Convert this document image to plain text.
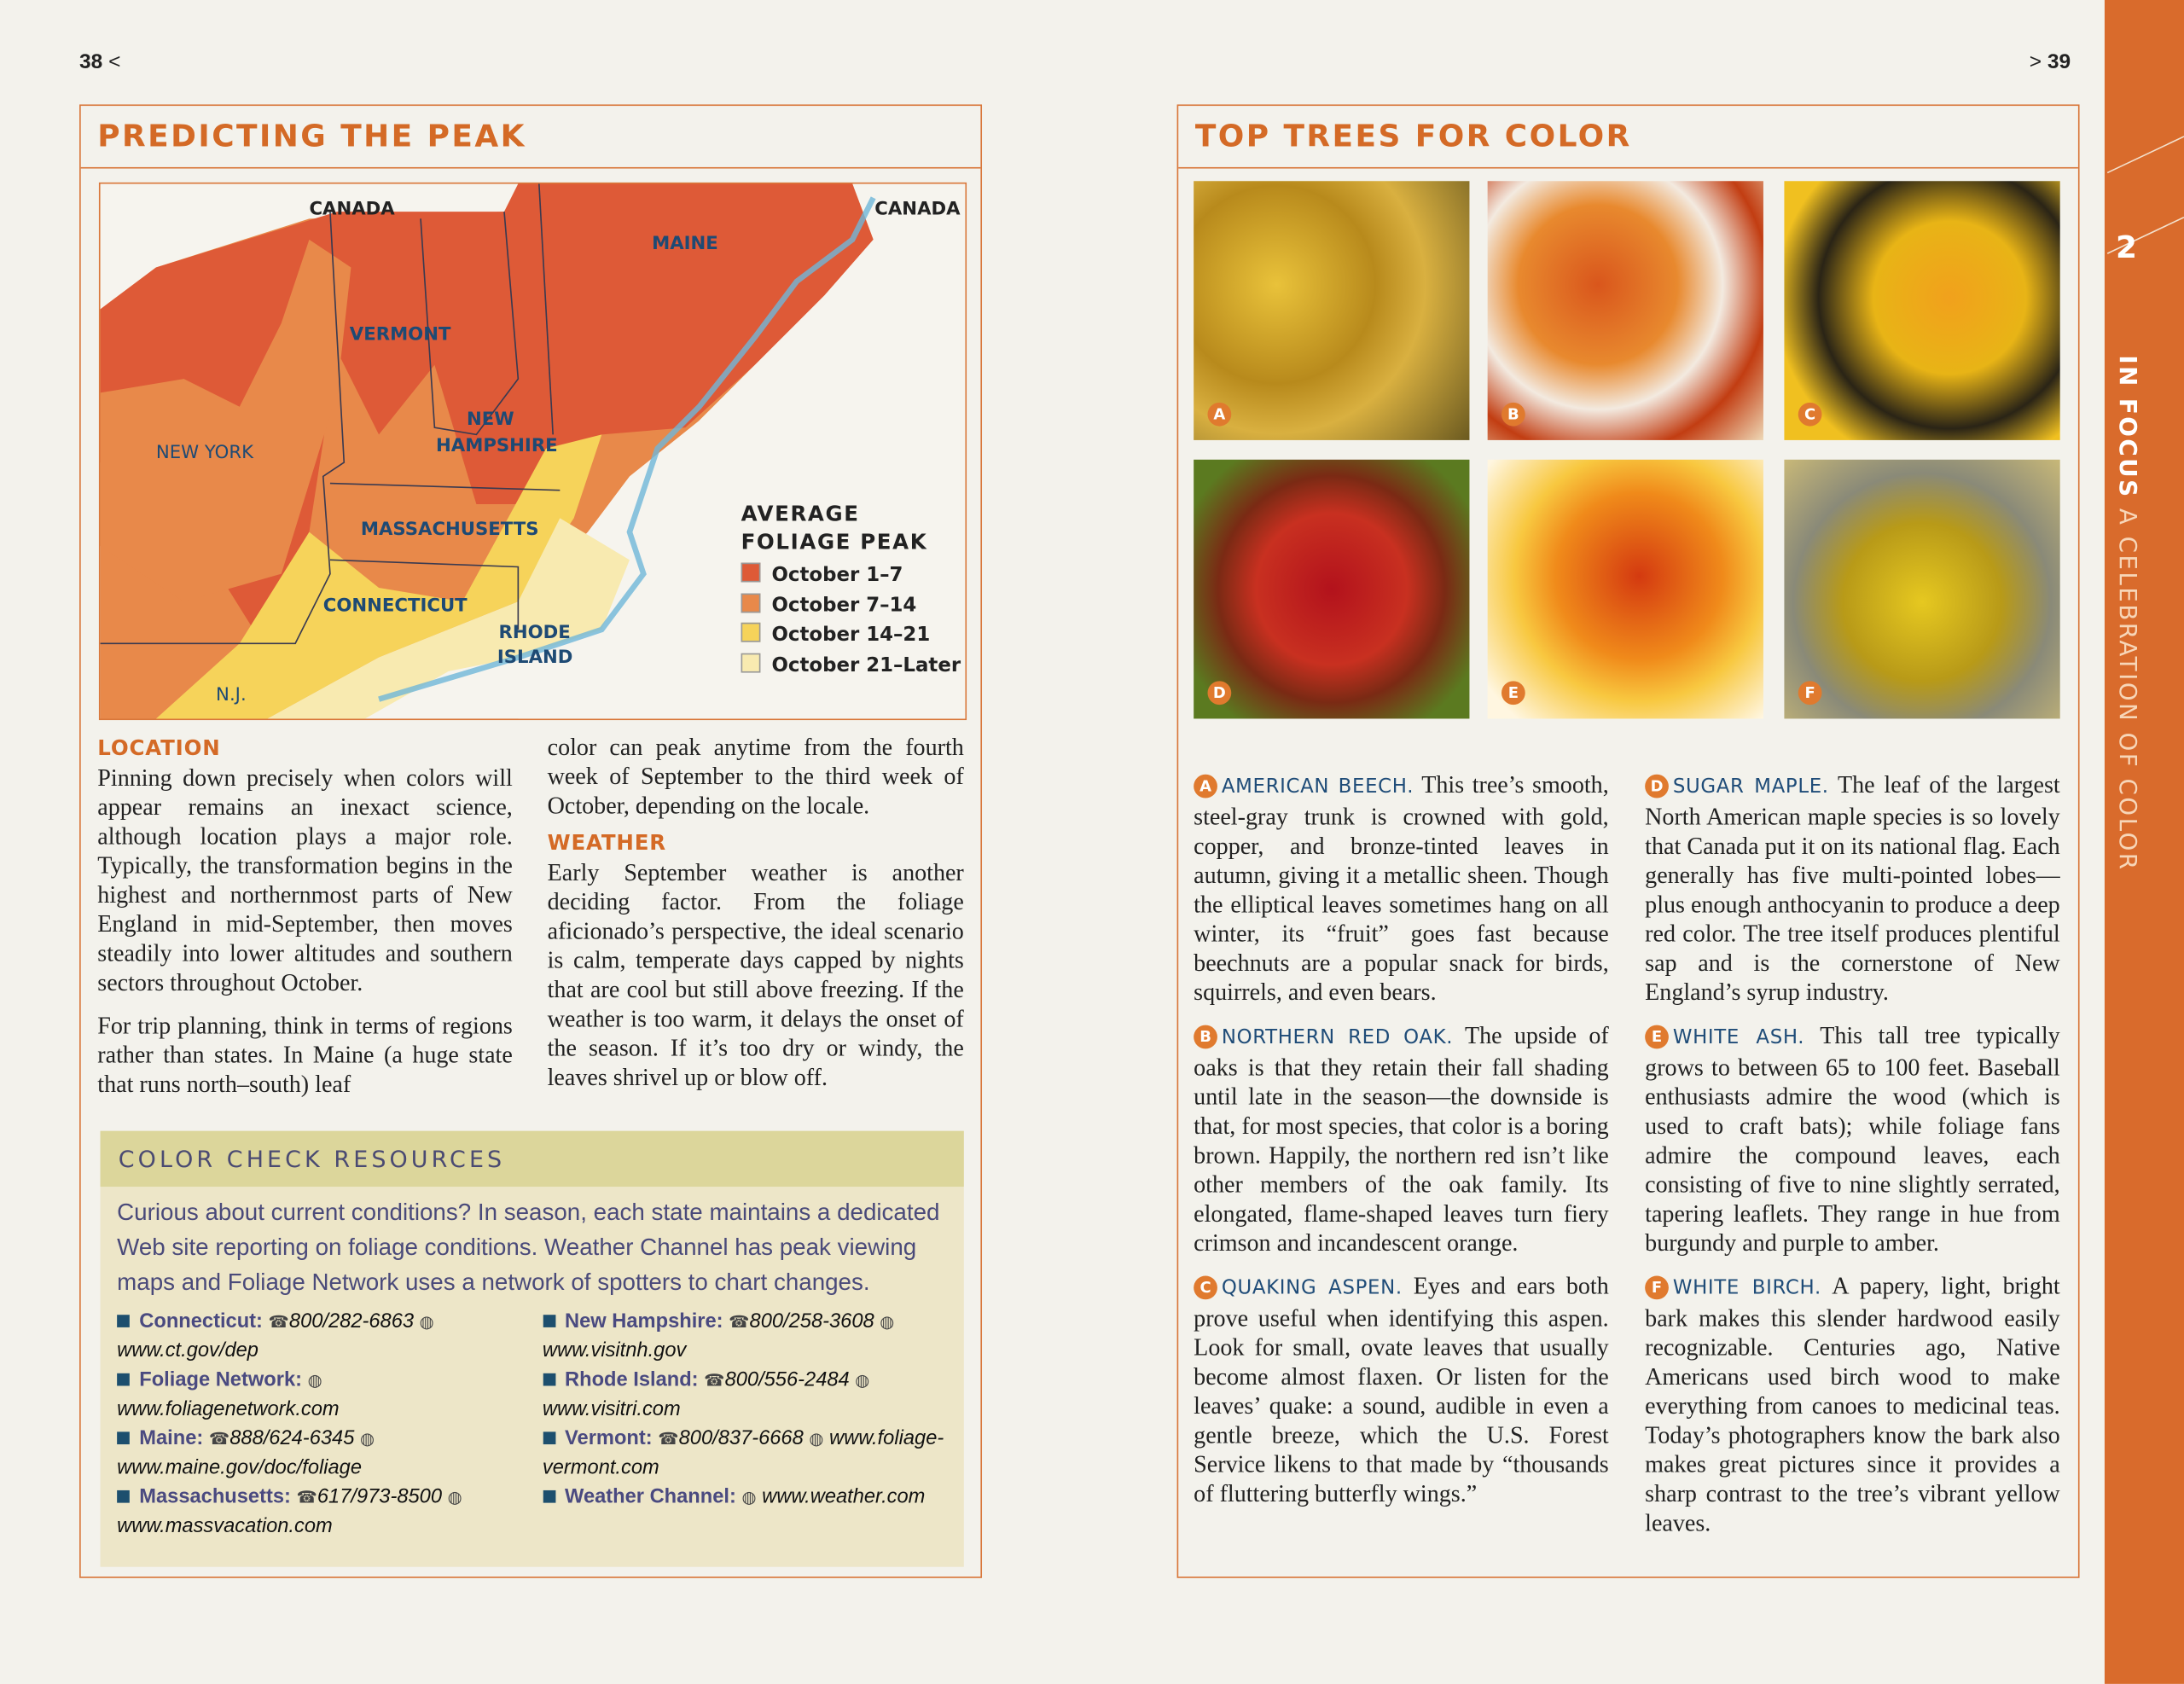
38 <
PREDICTING THE PEAK
CANADA	CANADA
MAINE
VERMONT
NEW
HAMPSHIRE
NEW YORK
MASSACHUSETTS
CONNECTICUT
RHODE
ISLAND
N.J.
AVERAGE
FOLIAGE PEAK
October 1–7
October 7–14
October 14–21
October 21–Later
LOCATION

Pinning down precisely when colors will appear remains an inexact science, although location plays a major role. Typically, the transformation begins in the highest and northernmost parts of New England in mid-September, then moves steadily into lower altitudes and southern sectors throughout October.

For trip planning, think in terms of regions rather than states. In Maine (a huge state that runs north–south) leaf

color can peak anytime from the fourth week of September to the third week of October, depending on the locale.

WEATHER

Early September weather is another deciding factor. From the foliage aficionado’s perspective, the ideal scenario is calm, temperate days capped by nights that are cool but still above freezing. If the weather is too warm, it delays the onset of the season. If it’s too dry or windy, the leaves shrivel up or blow off.

COLOR CHECK RESOURCES
Curious about current conditions? In season, each state maintains a dedicated Web site reporting on foliage conditions. Weather Channel has peak viewing maps and Foliage Network uses a network of spotters to chart changes.
Connecticut: ☎800/282-6863 ◍ www.ct.gov/dep
Foliage Network: ◍ www.foliagenetwork.com
Maine: ☎888/624-6345 ◍ www.maine.gov/doc/foliage
Massachusetts: ☎617/973-8500 ◍ www.massvacation.com
New Hampshire: ☎800/258-3608 ◍ www.visitnh.gov
Rhode Island: ☎800/556-2484 ◍ www.visitri.com
Vermont: ☎800/837-6668 ◍ www.foliage-vermont.com
Weather Channel: ◍ www.weather.com
> 39
TOP TREES FOR COLOR
A	B	C
D	E	F

A AMERICAN BEECH. This tree’s smooth, steel-gray trunk is crowned with gold, copper, and bronze-tinted leaves in autumn, giving it a metallic sheen. Though the elliptical leaves sometimes hang on all winter, its “fruit” goes fast because beechnuts are a popular snack for birds, squirrels, and even bears.

B NORTHERN RED OAK. The upside of oaks is that they retain their fall shading until late in the season—the downside is that, for most species, that color is a boring brown. Happily, the northern red isn’t like other members of the oak family. Its elongated, flame-shaped leaves turn fiery crimson and incandescent orange.

C QUAKING ASPEN. Eyes and ears both prove useful when identifying this aspen. Look for small, ovate leaves that usually become almost flaxen. Or listen for the leaves’ quake: a sound, audible in even a gentle breeze, which the U.S. Forest Service likens to that made by “thousands of fluttering butterfly wings.”

D SUGAR MAPLE. The leaf of the largest North American maple species is so lovely that Canada put it on its national flag. Each generally has five multi-pointed lobes—plus enough anthocyanin to produce a deep red color. The tree itself produces plentiful sap and is the cornerstone of New England’s syrup industry.

E WHITE ASH. This tall tree typically grows to between 65 to 100 feet. Baseball enthusiasts admire the wood (which is used to craft bats); while foliage fans admire the compound leaves, each consisting of five to nine slightly serrated, tapering leaflets. They range in hue from burgundy and purple to amber.

F WHITE BIRCH. A papery, light, bright bark makes this slender hardwood easily recognizable. Centuries ago, Native Americans used birch wood to make everything from canoes to medicinal teas. Today’s photographers know the bark also makes great pictures since it provides a sharp contrast to the tree’s vibrant yellow leaves.

2
IN FOCUS A CELEBRATION OF COLOR
